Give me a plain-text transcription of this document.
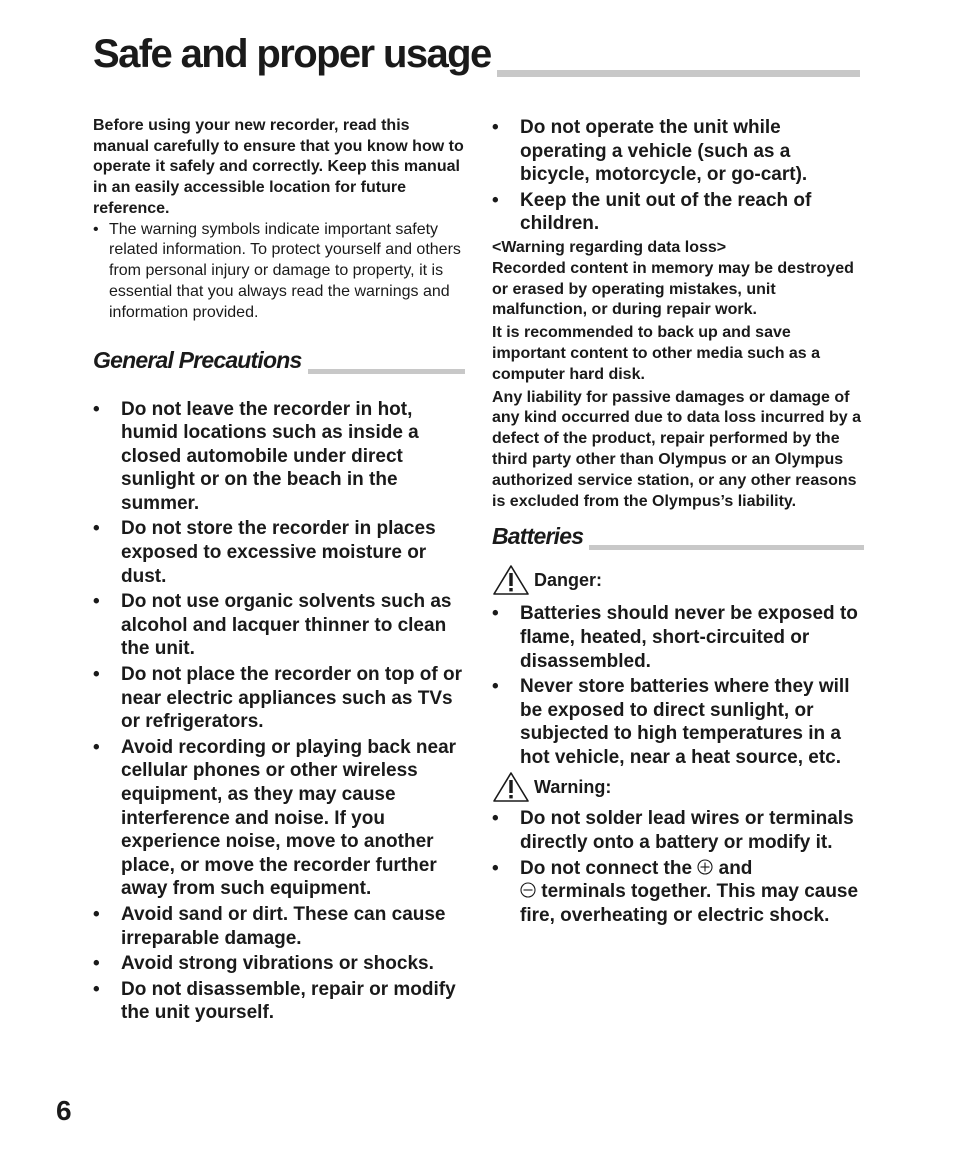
Safe and proper usage

Before using your new recorder, read this manual carefully to ensure that you know how to operate it safely and correctly. Keep this manual in an easily accessible location for future reference.

• The warning symbols indicate important safety related information. To protect yourself and others from personal injury or damage to property, it is essential that you always read the warnings and information provided.
General Precautions
• Do not leave the recorder in hot, humid locations such as inside a closed automobile under direct sunlight or on the beach in the summer.
• Do not store the recorder in places exposed to excessive moisture or dust.
• Do not use organic solvents such as alcohol and lacquer thinner to clean the unit.
• Do not place the recorder on top of or near electric appliances such as TVs or refrigerators.
• Avoid recording or playing back near cellular phones or other wireless equipment, as they may cause interference and noise. If you experience noise, move to another place, or move the recorder further away from such equipment.
• Avoid sand or dirt. These can cause irreparable damage.
• Avoid strong vibrations or shocks.
• Do not disassemble, repair or modify the unit yourself.
• Do not operate the unit while operating a vehicle (such as a bicycle, motorcycle, or go-cart).
• Keep the unit out of the reach of children.

<Warning regarding data loss>

Recorded content in memory may be destroyed or erased by operating mistakes, unit malfunction, or during repair work.

It is recommended to back up and save important content to other media such as a computer hard disk.

Any liability for passive damages or damage of any kind occurred due to data loss incurred by a defect of the product, repair performed by the third party other than Olympus or an Olympus authorized service station, or any other reasons is excluded from the Olympus’s liability.

Batteries
Danger:
• Batteries should never be exposed to flame, heated, short-circuited or disassembled.
• Never store batteries where they will be exposed to direct sunlight, or subjected to high temperatures in a hot vehicle, near a heat source, etc.
Warning:
• Do not solder lead wires or terminals directly onto a battery or modify it.
• Do not connect the and
terminals together. This may cause fire, overheating or electric shock.
6
